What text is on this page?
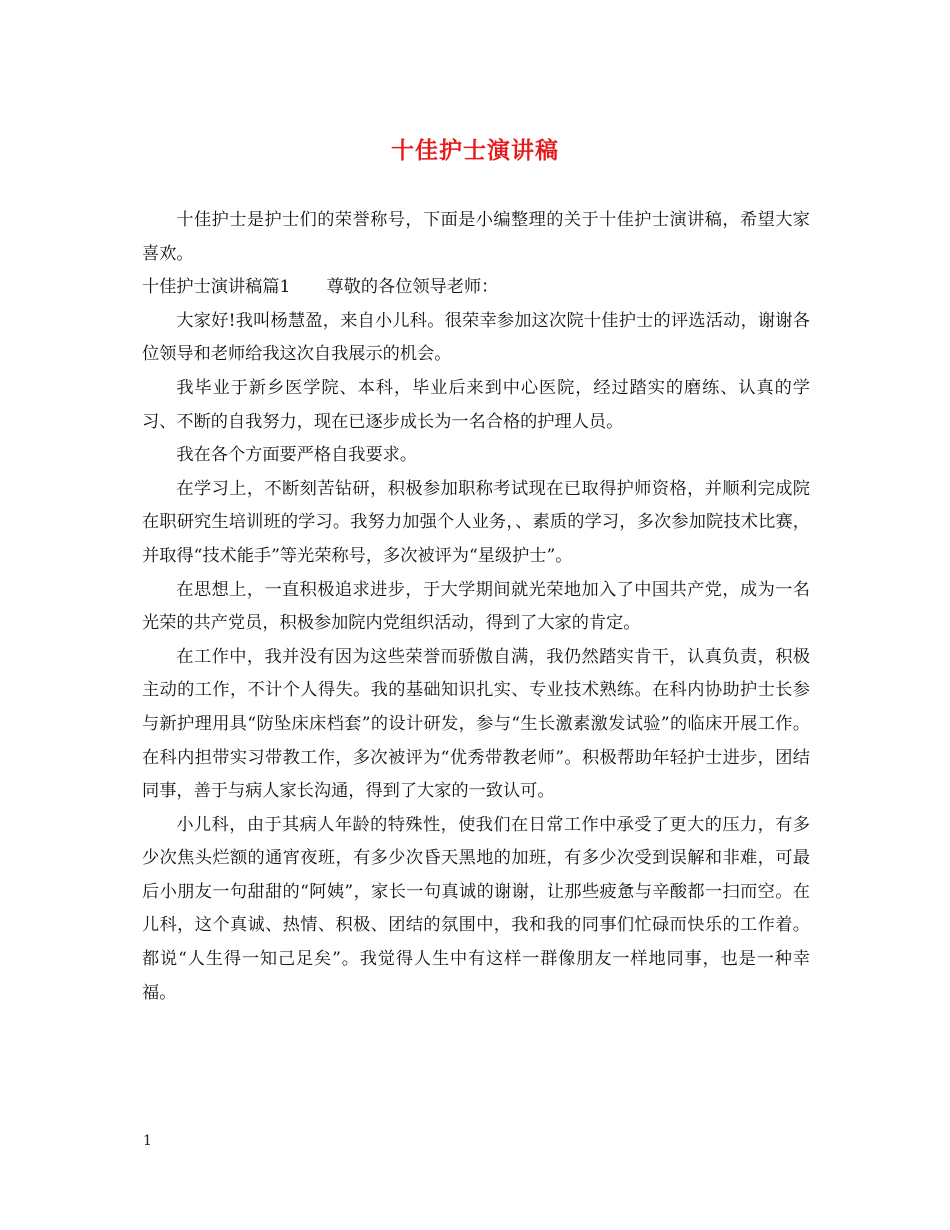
十佳护士演讲稿

十佳护士是护士们的荣誉称号，下面是小编整理的关于十佳护士演讲稿，希望大家喜欢。

十佳护士演讲稿篇1 尊敬的各位领导老师：

大家好!我叫杨慧盈，来自小儿科。很荣幸参加这次院十佳护士的评选活动，谢谢各位领导和老师给我这次自我展示的机会。

我毕业于新乡医学院、本科，毕业后来到中心医院，经过踏实的磨练、认真的学习、不断的自我努力，现在已逐步成长为一名合格的护理人员。

我在各个方面要严格自我要求。

在学习上，不断刻苦钻研，积极参加职称考试现在已取得护师资格，并顺利完成院在职研究生培训班的学习。我努力加强个人业务，、素质的学习，多次参加院技术比赛，并取得“技术能手”等光荣称号，多次被评为“星级护士”。

在思想上，一直积极追求进步，于大学期间就光荣地加入了中国共产党，成为一名光荣的共产党员，积极参加院内党组织活动，得到了大家的肯定。

在工作中，我并没有因为这些荣誉而骄傲自满，我仍然踏实肯干，认真负责，积极主动的工作，不计个人得失。我的基础知识扎实、专业技术熟练。在科内协助护士长参与新护理用具“防坠床床档套”的设计研发，参与“生长激素激发试验”的临床开展工作。在科内担带实习带教工作，多次被评为“优秀带教老师”。积极帮助年轻护士进步，团结同事，善于与病人家长沟通，得到了大家的一致认可。

小儿科，由于其病人年龄的特殊性，使我们在日常工作中承受了更大的压力，有多少次焦头烂额的通宵夜班，有多少次昏天黑地的加班，有多少次受到误解和非难，可最后小朋友一句甜甜的“阿姨”，家长一句真诚的谢谢，让那些疲惫与辛酸都一扫而空。在儿科，这个真诚、热情、积极、团结的氛围中，我和我的同事们忙碌而快乐的工作着。都说“人生得一知己足矣”。我觉得人生中有这样一群像朋友一样地同事，也是一种幸福。

1
